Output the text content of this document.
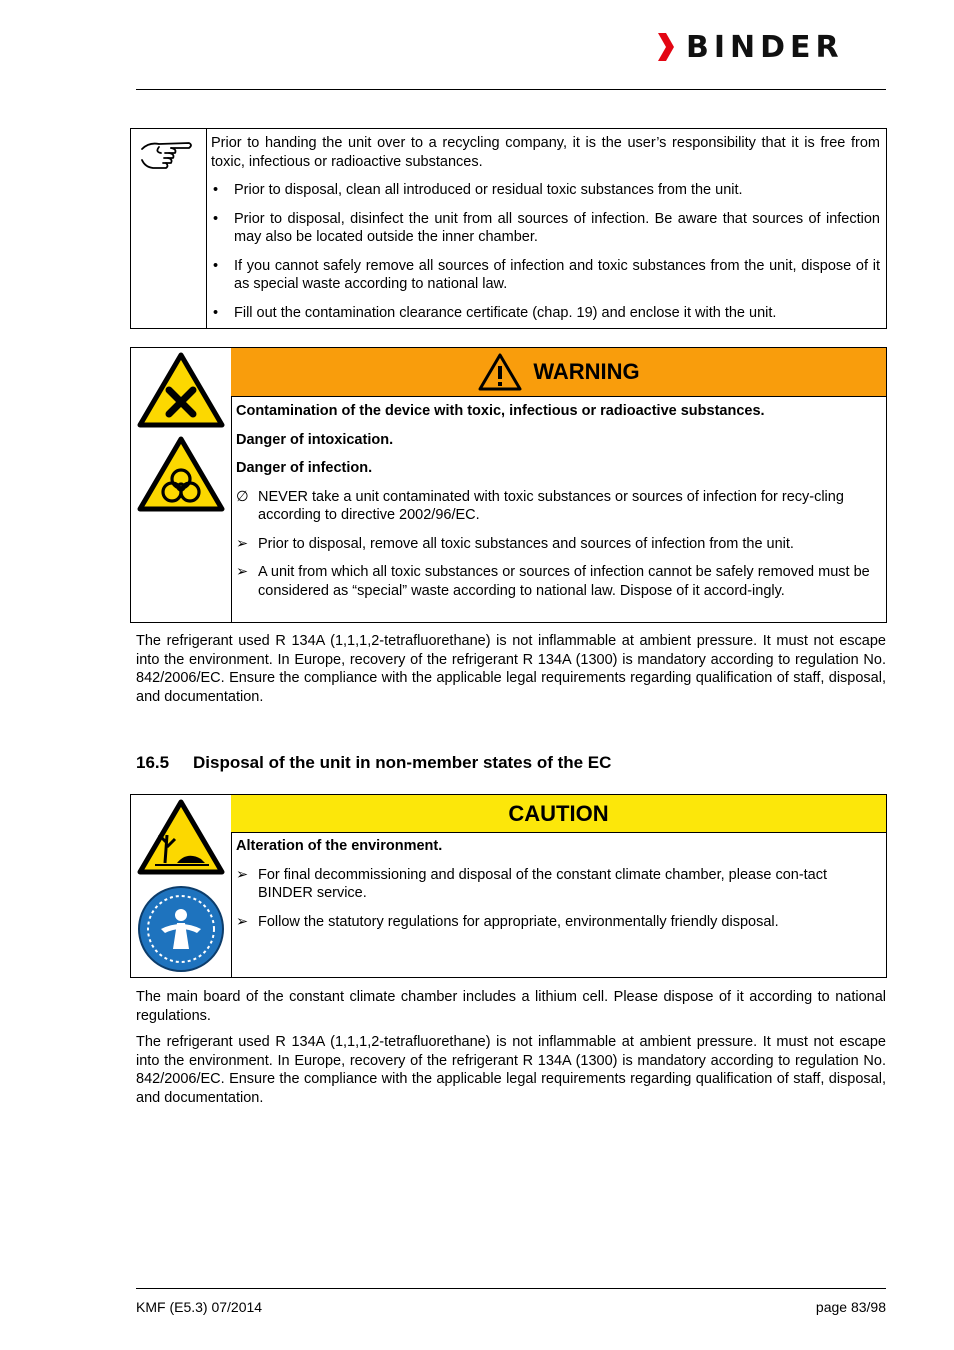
BINDER

Prior to handing the unit over to a recycling company, it is the user’s responsibility that it is free from toxic, infectious or radioactive substances.

• Prior to disposal, clean all introduced or residual toxic substances from the unit.
• Prior to disposal, disinfect the unit from all sources of infection. Be aware that sources of infection may also be located outside the inner chamber.
• If you cannot safely remove all sources of infection and toxic substances from the unit, dispose of it as special waste according to national law.
• Fill out the contamination clearance certificate (chap. 19) and enclose it with the unit.
WARNING

Contamination of the device with toxic, infectious or radioactive substances.

Danger of intoxication.

Danger of infection.

∅ NEVER take a unit contaminated with toxic substances or sources of infection for recy-cling according to directive 2002/96/EC.
➢ Prior to disposal, remove all toxic substances and sources of infection from the unit.
➢ A unit from which all toxic substances or sources of infection cannot be safely removed must be considered as “special” waste according to national law. Dispose of it accord-ingly.

The refrigerant used R 134A (1,1,1,2-tetrafluorethane) is not inflammable at ambient pressure. It must not escape into the environment. In Europe, recovery of the refrigerant R 134A (1300) is mandatory according to regulation No. 842/2006/EC. Ensure the compliance with the applicable legal requirements regarding qualification of staff, disposal, and documentation.

16.5 Disposal of the unit in non-member states of the EC
CAUTION

Alteration of the environment.

➢ For final decommissioning and disposal of the constant climate chamber, please con-tact BINDER service.
➢ Follow the statutory regulations for appropriate, environmentally friendly disposal.

The main board of the constant climate chamber includes a lithium cell. Please dispose of it according to national regulations.

The refrigerant used R 134A (1,1,1,2-tetrafluorethane) is not inflammable at ambient pressure. It must not escape into the environment. In Europe, recovery of the refrigerant R 134A (1300) is mandatory according to regulation No. 842/2006/EC. Ensure the compliance with the applicable legal requirements regarding qualification of staff, disposal, and documentation.

KMF (E5.3) 07/2014	page 83/98
